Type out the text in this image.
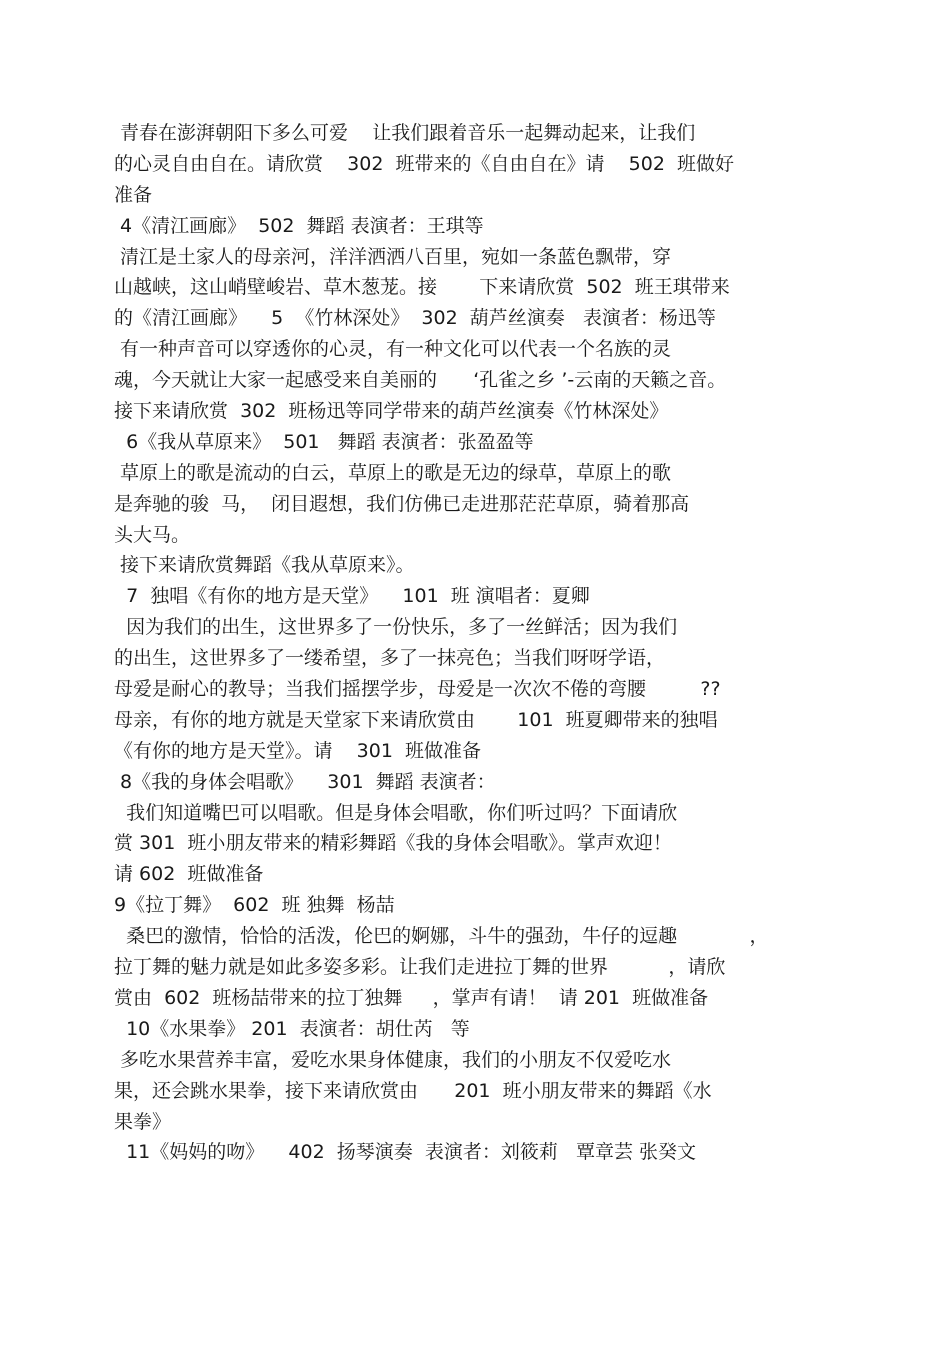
青春在澎湃朝阳下多么可爱    让我们跟着音乐一起舞动起来，让我们
的心灵自由自在。请欣赏    302  班带来的《自由自在》请    502  班做好
准备
4《清江画廊》  502  舞蹈 表演者：王琪等
清江是土家人的母亲河，洋洋洒洒八百里，宛如一条蓝色飘带，穿
山越峡，这山峭壁峻岩、草木葱茏。接       下来请欣赏  502  班王琪带来
的《清江画廊》    5  《竹林深处》  302  葫芦丝演奏   表演者：杨迅等
有一种声音可以穿透你的心灵，有一种文化可以代表一个名族的灵
魂，今天就让大家一起感受来自美丽的      ‘孔雀之乡 ’-云南的天籁之音。
接下来请欣赏  302  班杨迅等同学带来的葫芦丝演奏《竹林深处》
6《我从草原来》  501   舞蹈 表演者：张盈盈等
草原上的歌是流动的白云，草原上的歌是无边的绿草，草原上的歌
是奔驰的骏  马，  闭目遐想，我们仿佛已走进那茫茫草原，骑着那高
头大马。
接下来请欣赏舞蹈《我从草原来》。
7  独唱《有你的地方是天堂》    101  班 演唱者：夏卿
因为我们的出生，这世界多了一份快乐，多了一丝鲜活；因为我们
的出生，这世界多了一缕希望，多了一抹亮色；当我们呀呀学语，
母爱是耐心的教导；当我们摇摆学步，母爱是一次次不倦的弯腰         ??
母亲，有你的地方就是天堂家下来请欣赏由       101  班夏卿带来的独唱
《有你的地方是天堂》。请    301  班做准备
8《我的身体会唱歌》    301  舞蹈 表演者：
我们知道嘴巴可以唱歌。但是身体会唱歌，你们听过吗？下面请欣
赏 301  班小朋友带来的精彩舞蹈《我的身体会唱歌》。掌声欢迎！
请 602  班做准备
9《拉丁舞》  602  班 独舞  杨喆
桑巴的激情，恰恰的活泼，伦巴的婀娜，斗牛的强劲，牛仔的逗趣            ，
拉丁舞的魅力就是如此多姿多彩。让我们走进拉丁舞的世界          ，请欣
赏由  602  班杨喆带来的拉丁独舞     ，掌声有请！  请 201  班做准备
10《水果拳》 201  表演者：胡仕芮   等
多吃水果营养丰富，爱吃水果身体健康，我们的小朋友不仅爱吃水
果，还会跳水果拳，接下来请欣赏由      201  班小朋友带来的舞蹈《水
果拳》
11《妈妈的吻》    402  扬琴演奏  表演者：刘筱莉   覃章芸 张癸文
